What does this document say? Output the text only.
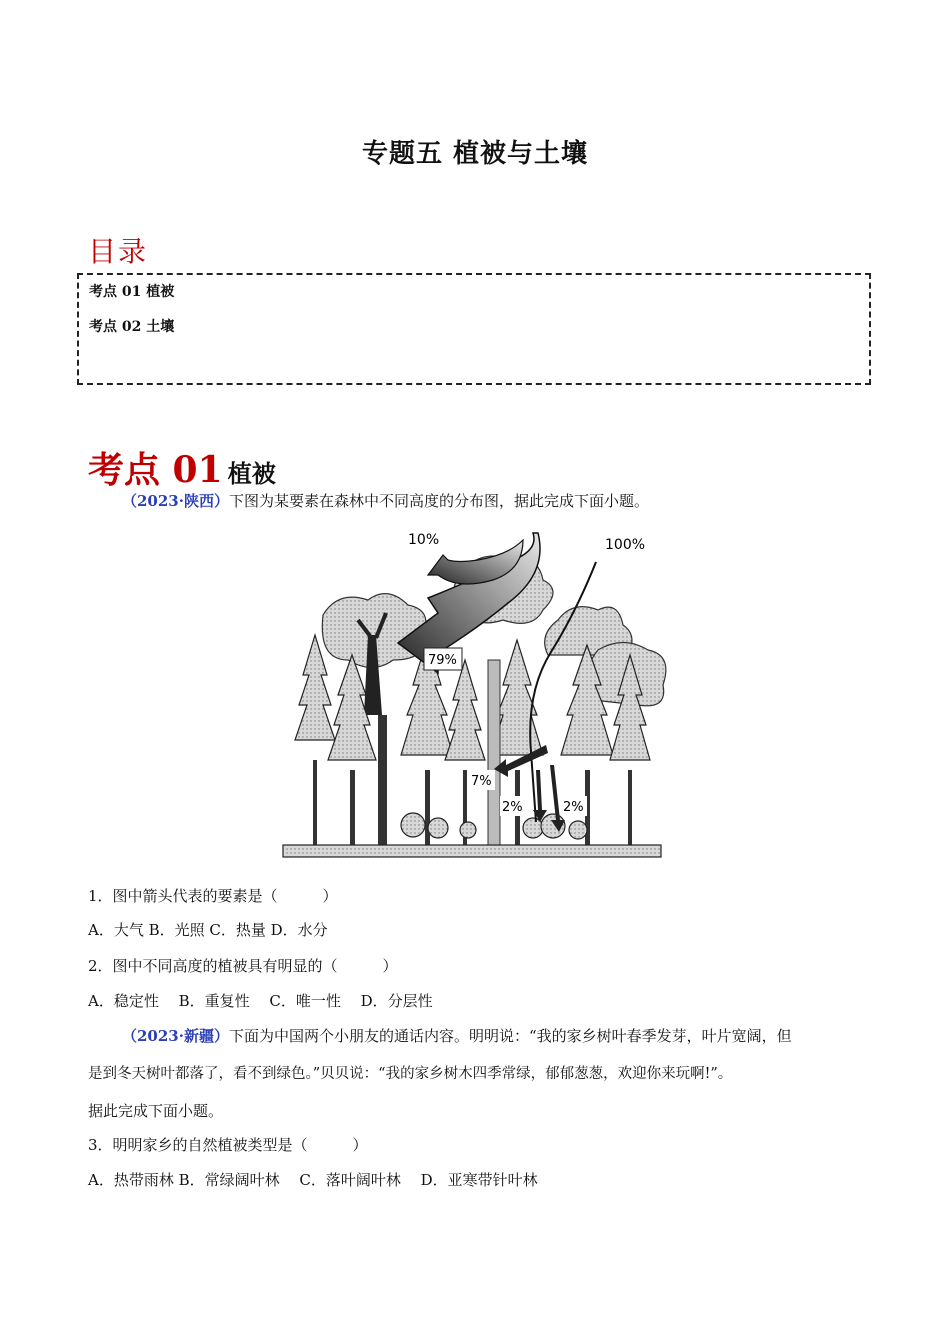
专题五 植被与土壤
目录
考点 01 植被
考点 02 土壤
考点 01 植被
（2023·陕西）下图为某要素在森林中不同高度的分布图，据此完成下面小题。
10%	100%
79%
7%
2%	2%
1．图中箭头代表的要素是（　　　）
A．大气 B．光照 C．热量 D．水分
2．图中不同高度的植被具有明显的（　　　）
A．稳定性　 B．重复性　 C．唯一性　 D．分层性
（2023·新疆）下面为中国两个小朋友的通话内容。明明说：“我的家乡树叶春季发芽，叶片宽阔，但
是到冬天树叶都落了，看不到绿色。”贝贝说：“我的家乡树木四季常绿，郁郁葱葱，欢迎你来玩啊!”。
据此完成下面小题。
3．明明家乡的自然植被类型是（　　　）
A．热带雨林 B．常绿阔叶林　 C．落叶阔叶林　 D．亚寒带针叶林
